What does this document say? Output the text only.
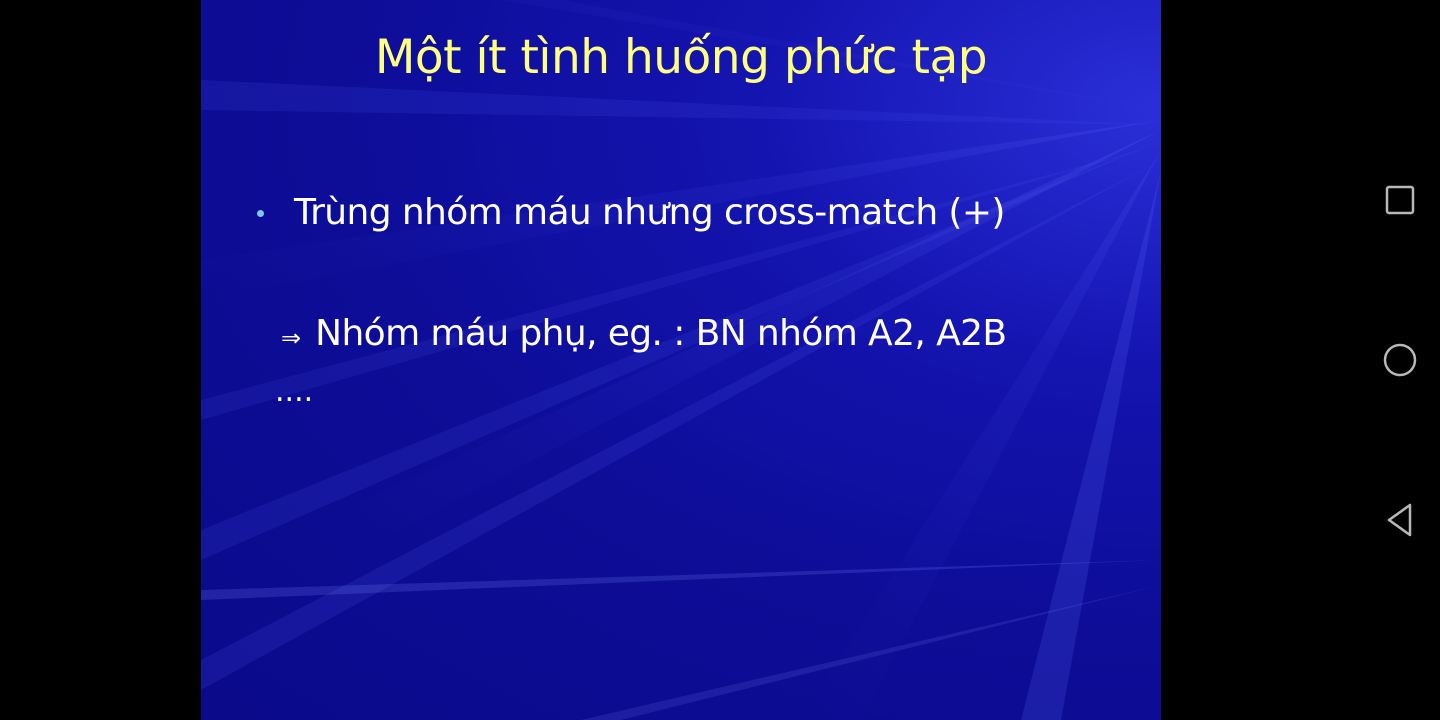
Một ít tình huống phức tạp
Trùng nhóm máu nhưng cross-match (+)
⇒ Nhóm máu phụ, eg. : BN nhóm A2, A2B
....
